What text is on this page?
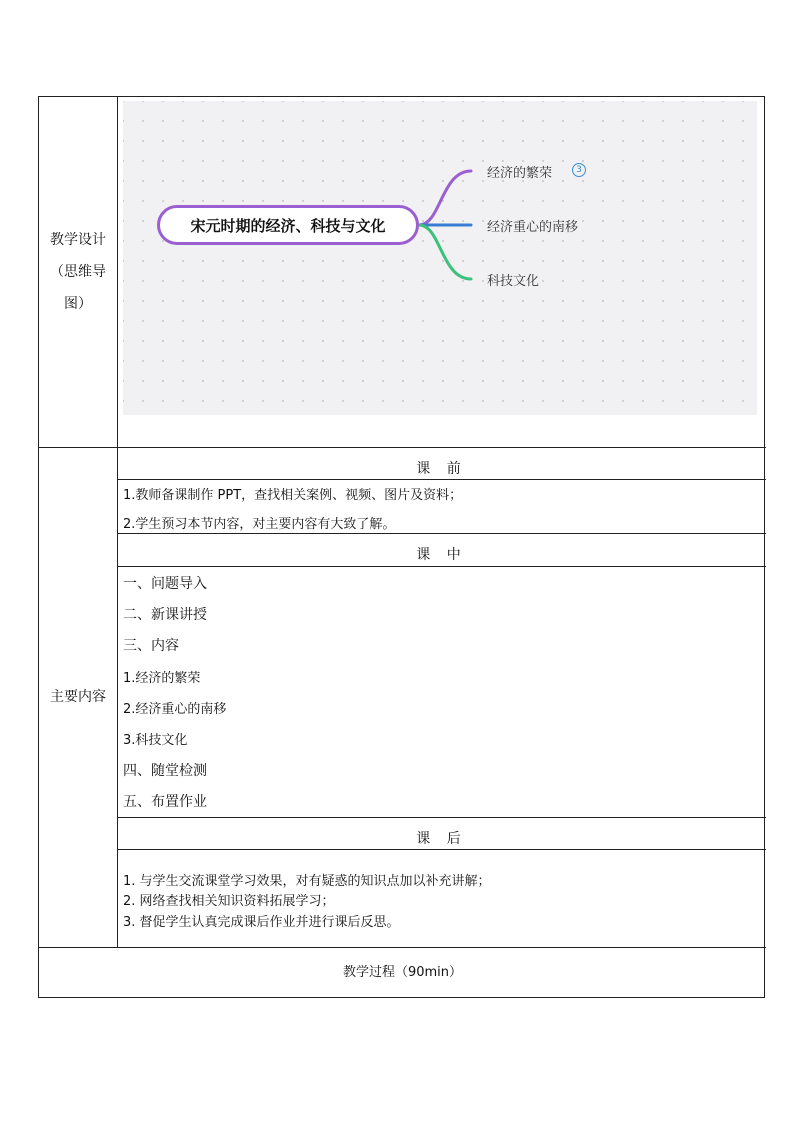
教学设计
（思维导
图）
宋元时期的经济、科技与文化
经济的繁荣	3
经济重心的南移
科技文化
主要内容
课 前
1.教师备课制作 PPT，查找相关案例、视频、图片及资料；
2.学生预习本节内容，对主要内容有大致了解。
课 中
一、问题导入
二、新课讲授
三、内容
1.经济的繁荣
2.经济重心的南移
3.科技文化
四、随堂检测
五、布置作业
课 后
1. 与学生交流课堂学习效果，对有疑惑的知识点加以补充讲解；
2. 网络查找相关知识资料拓展学习；
3. 督促学生认真完成课后作业并进行课后反思。
教学过程（90min）
